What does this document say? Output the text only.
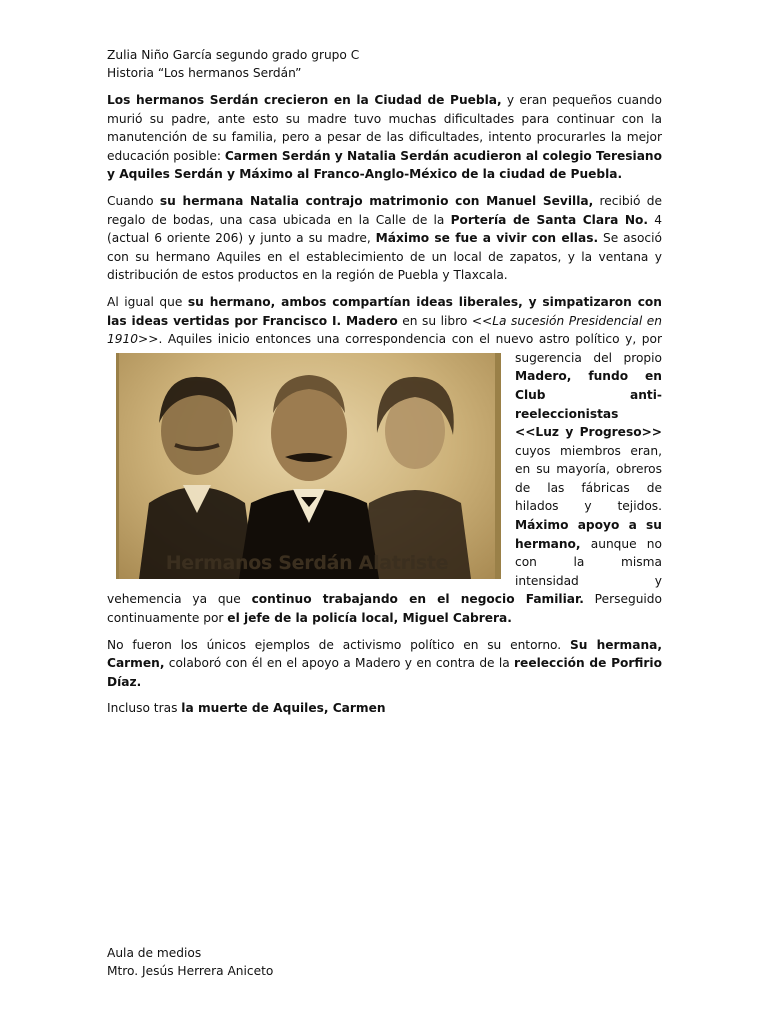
Zulia Niño García segundo grado grupo C
Historia “Los hermanos Serdán”

Los hermanos Serdán crecieron en la Ciudad de Puebla, y eran pequeños cuando murió su padre, ante esto su madre tuvo muchas dificultades para continuar con la manutención de su familia, pero a pesar de las dificultades, intento procurarles la mejor educación posible: Carmen Serdán y Natalia Serdán acudieron al colegio Teresiano y Aquiles Serdán y Máximo al Franco-Anglo-México de la ciudad de Puebla.

Cuando su hermana Natalia contrajo matrimonio con Manuel Sevilla, recibió de regalo de bodas, una casa ubicada en la Calle de la Portería de Santa Clara No. 4 (actual 6 oriente 206) y junto a su madre, Máximo se fue a vivir con ellas. Se asoció con su hermano Aquiles en el establecimiento de un local de zapatos, y la ventana y distribución de estos productos en la región de Puebla y Tlaxcala.

Al igual que su hermano, ambos compartían ideas liberales, y simpatizaron con las ideas vertidas por Francisco I. Madero en su libro <<La sucesión Presidencial en 1910>>. Aquiles inicio entonces una correspondencia con el nuevo astro político y, por sugerencia del propio
Hermanos Serdán Alatriste
Madero, fundo en Club anti- reeleccionistas <<Luz y Progreso>> cuyos miembros eran, en su mayoría, obreros de las fábricas de hilados y tejidos. Máximo apoyo a su hermano, aunque no con la misma intensidad y vehemencia ya que continuo trabajando en el negocio Familiar. Perseguido continuamente por el jefe de la policía local, Miguel Cabrera.

No fueron los únicos ejemplos de activismo político en su entorno. Su hermana, Carmen, colaboró con él en el apoyo a Madero y en contra de la reelección de Porfirio Díaz.

Incluso tras la muerte de Aquiles, Carmen

Aula de medios
Mtro. Jesús Herrera Aniceto
